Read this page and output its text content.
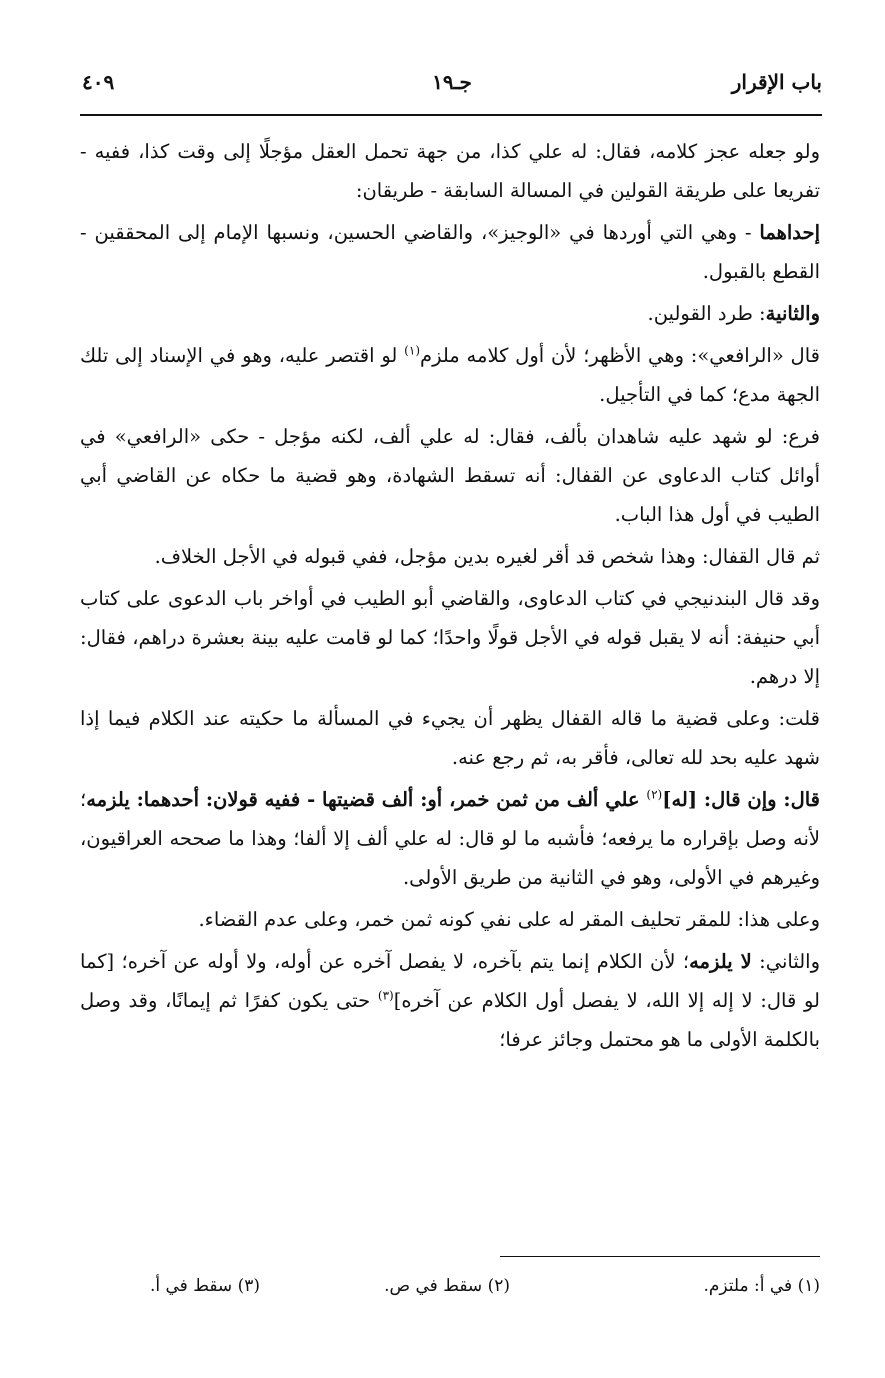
باب الإقرار
جـ١٩
٤٠٩

ولو جعله عجز كلامه، فقال: له علي كذا، من جهة تحمل العقل مؤجلًا إلى وقت كذا، ففيه - تفريعا على طريقة القولين في المسالة السابقة - طريقان:

إحداهما - وهي التي أوردها في «الوجيز»، والقاضي الحسين، ونسبها الإمام إلى المحققين - القطع بالقبول.

والثانية: طرد القولين.

قال «الرافعي»: وهي الأظهر؛ لأن أول كلامه ملزم$^{(١)}$ لو اقتصر عليه، وهو في الإسناد إلى تلك الجهة مدع؛ كما في التأجيل.

فرع: لو شهد عليه شاهدان بألف، فقال: له علي ألف، لكنه مؤجل - حكى «الرافعي» في أوائل كتاب الدعاوى عن القفال: أنه تسقط الشهادة، وهو قضية ما حكاه عن القاضي أبي الطيب في أول هذا الباب.

ثم قال القفال: وهذا شخص قد أقر لغيره بدين مؤجل، ففي قبوله في الأجل الخلاف.

وقد قال البندنيجي في كتاب الدعاوى، والقاضي أبو الطيب في أواخر باب الدعوى على كتاب أبي حنيفة: أنه لا يقبل قوله في الأجل قولًا واحدًا؛ كما لو قامت عليه بينة بعشرة دراهم، فقال: إلا درهم.

قلت: وعلى قضية ما قاله القفال يظهر أن يجيء في المسألة ما حكيته عند الكلام فيما إذا شهد عليه بحد لله تعالى، فأقر به، ثم رجع عنه.

قال: وإن قال: [له]$^{(٢)}$ علي ألف من ثمن خمر، أو: ألف قضيتها - ففيه قولان: أحدهما: يلزمه؛ لأنه وصل بإقراره ما يرفعه؛ فأشبه ما لو قال: له علي ألف إلا ألفا؛ وهذا ما صححه العراقيون، وغيرهم في الأولى، وهو في الثانية من طريق الأولى.

وعلى هذا: للمقر تحليف المقر له على نفي كونه ثمن خمر، وعلى عدم القضاء.

والثاني: لا يلزمه؛ لأن الكلام إنما يتم بآخره، لا يفصل آخره عن أوله، ولا أوله عن آخره؛ [كما لو قال: لا إله إلا الله، لا يفصل أول الكلام عن آخره]$^{(٣)}$ حتى يكون كفرًا ثم إيمانًا، وقد وصل بالكلمة الأولى ما هو محتمل وجائز عرفا؛

(١) في أ: ملتزم.
(٢) سقط في ص.
(٣) سقط في أ.
